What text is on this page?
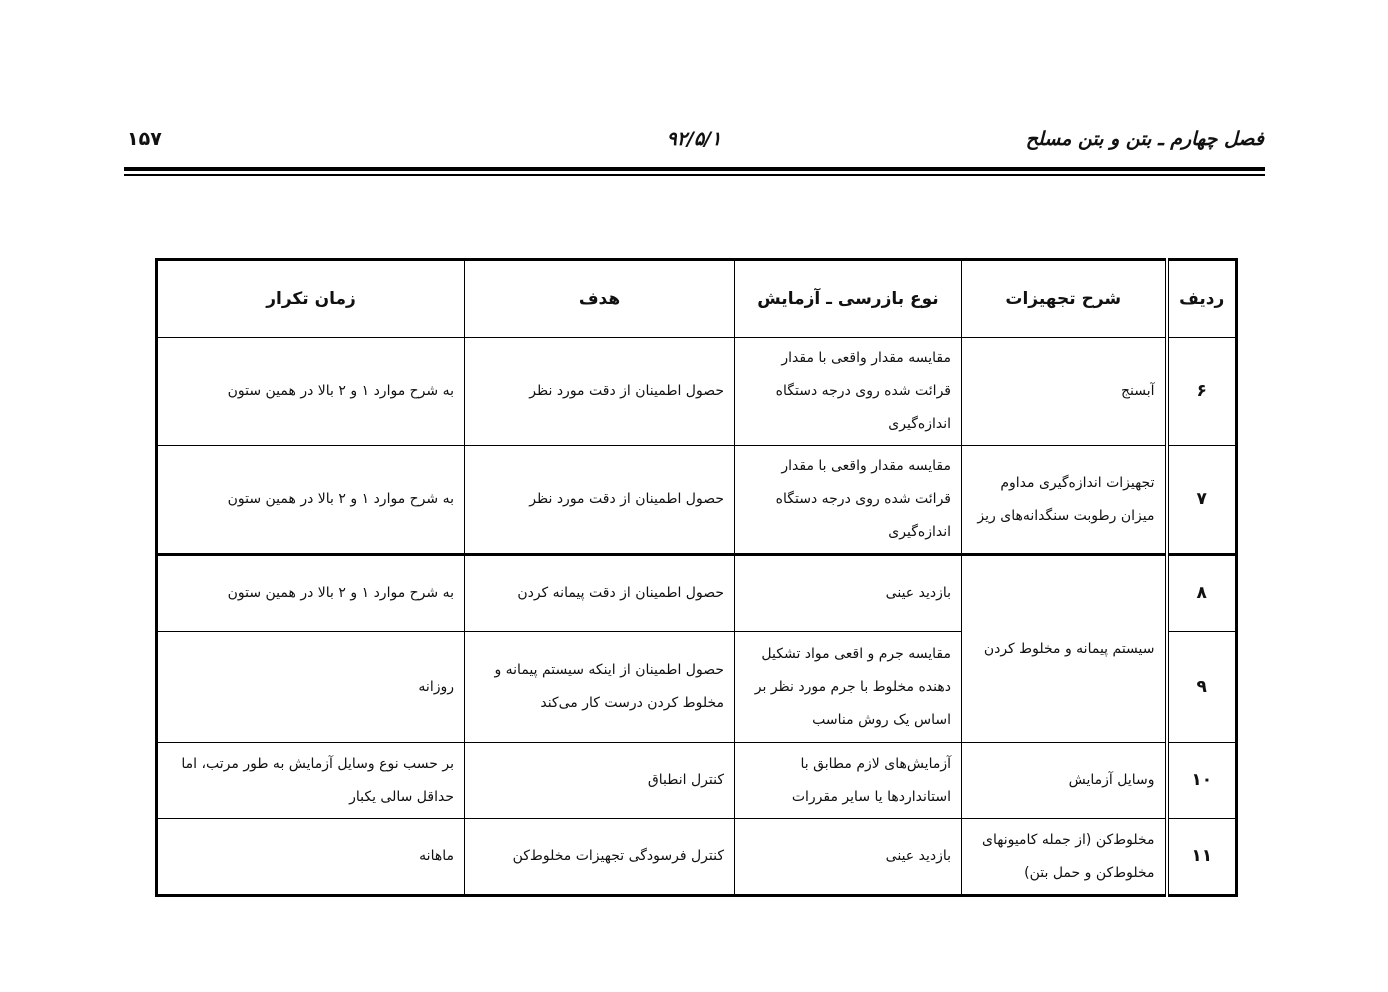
فصل چهارم ـ بتن و بتن مسلح
۹۲/۵/۱
۱۵۷
ردیف	شرح تجهیزات	نوع بازرسی ـ آزمایش	هدف	زمان تکرار
۶	آبسنج	مقایسه مقدار واقعی با مقدار قرائت شده روی درجه دستگاه اندازه‌گیری	حصول اطمینان از دقت مورد نظر	به شرح موارد ۱ و ۲ بالا در همین ستون
۷	تجهیزات اندازه‌گیری مداوم میزان رطوبت سنگدانه‌های ریز	مقایسه مقدار واقعی با مقدار قرائت شده روی درجه دستگاه اندازه‌گیری	حصول اطمینان از دقت مورد نظر	به شرح موارد ۱ و ۲ بالا در همین ستون
۸	سیستم پیمانه و مخلوط کردن	بازدید عینی	حصول اطمینان از دقت پیمانه کردن	به شرح موارد ۱ و ۲ بالا در همین ستون
۹		مقایسه جرم و اقعی مواد تشکیل دهنده مخلوط با جرم مورد نظر بر اساس یک روش مناسب	حصول اطمینان از اینکه سیستم پیمانه و مخلوط کردن درست کار می‌کند	روزانه
۱۰	وسایل آزمایش	آزمایش‌های لازم مطابق با استانداردها یا سایر مقررات	کنترل انطباق	بر حسب نوع وسایل آزمایش به طور مرتب، اما حداقل سالی یکبار
۱۱	مخلوط‌کن (از جمله کامیونهای مخلوط‌کن و حمل بتن)	بازدید عینی	کنترل فرسودگی تجهیزات مخلوط‌کن	ماهانه
